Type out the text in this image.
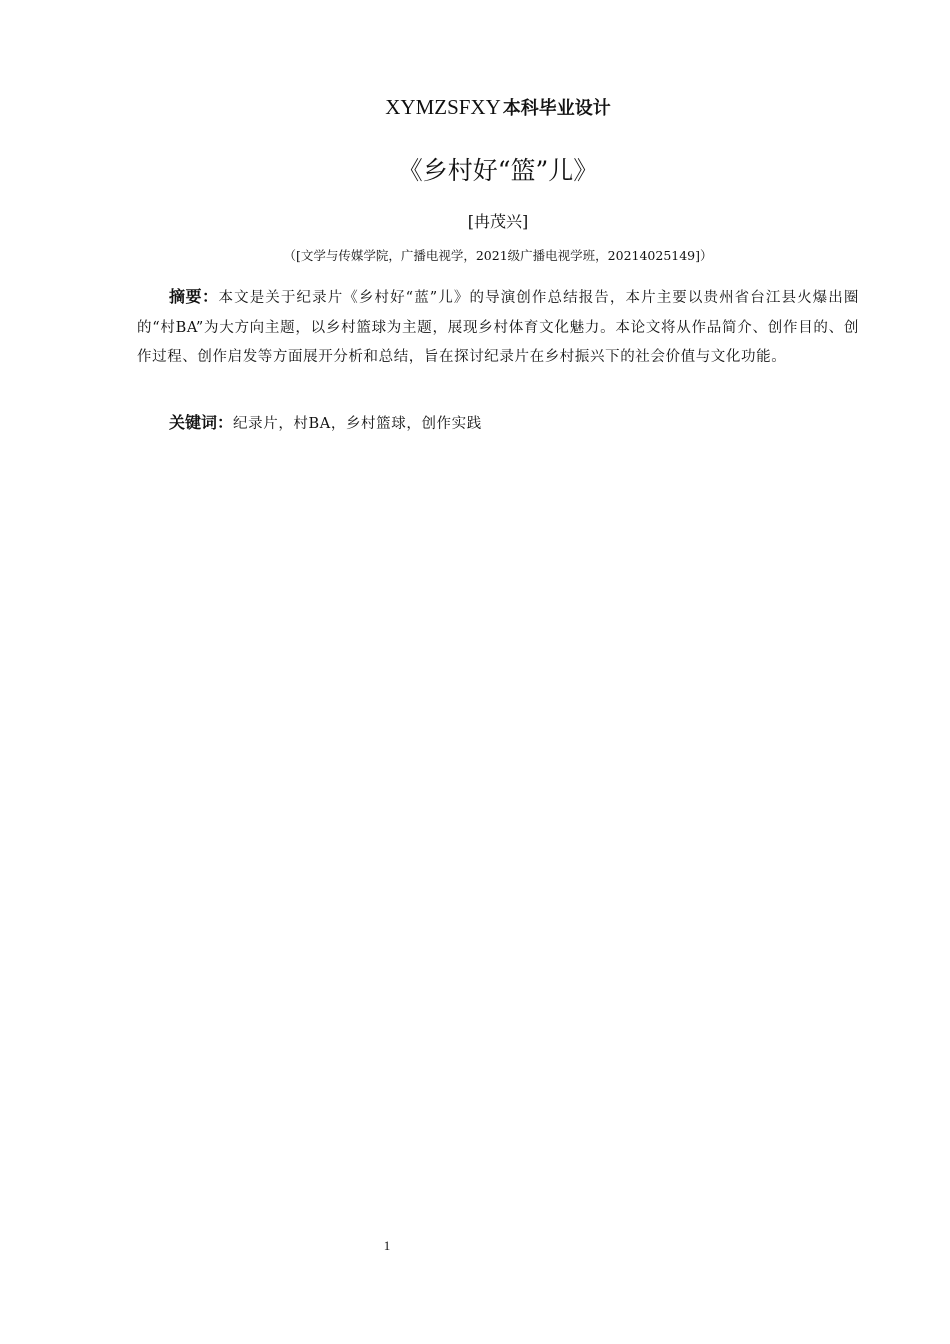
XYMZSFXY 本科毕业设计
《乡村好“篮”儿》
[冉茂兴]
（[文学与传媒学院，广播电视学，2021级广播电视学班，20214025149]）
摘要：本文是关于纪录片《乡村好“蓝”儿》的导演创作总结报告，本片主要以贵州省台江县火爆出圈的“村BA”为大方向主题，以乡村篮球为主题，展现乡村体育文化魅力。本论文将从作品简介、创作目的、创作过程、创作启发等方面展开分析和总结，旨在探讨纪录片在乡村振兴下的社会价值与文化功能。
关键词：纪录片，村BA，乡村篮球，创作实践
1
